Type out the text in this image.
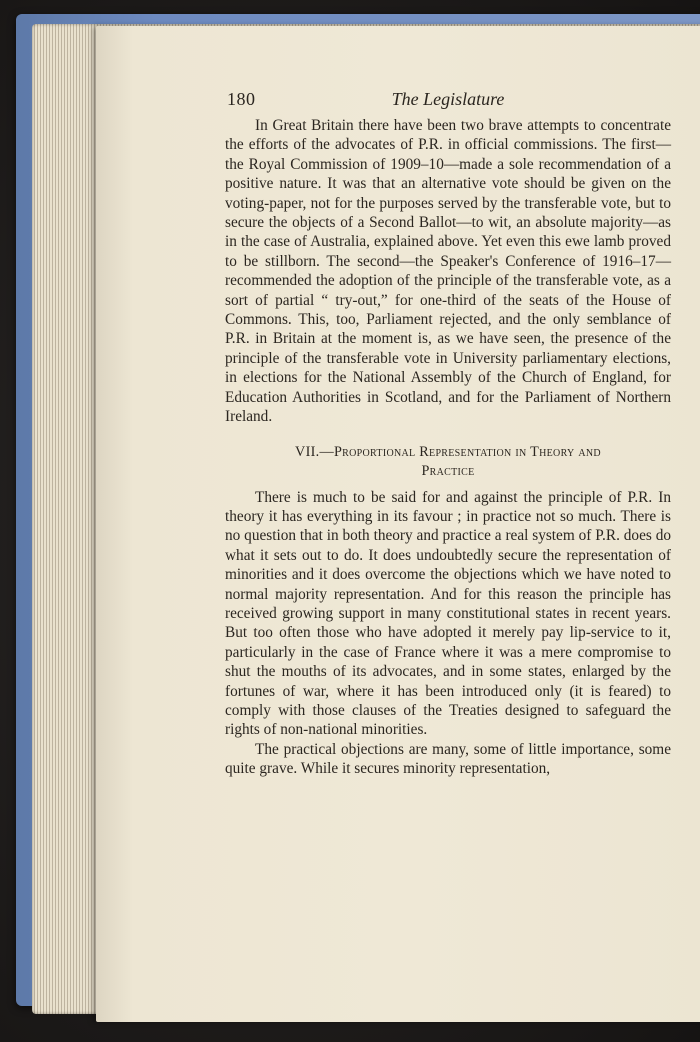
180	The Legislature

In Great Britain there have been two brave attempts to concentrate the efforts of the advocates of P.R. in official commissions. The first—the Royal Commission of 1909–10—made a sole recommendation of a positive nature. It was that an alternative vote should be given on the voting-paper, not for the purposes served by the transferable vote, but to secure the objects of a Second Ballot—to wit, an absolute majority—as in the case of Australia, explained above. Yet even this ewe lamb proved to be stillborn. The second—the Speaker's Conference of 1916–17—recommended the adoption of the principle of the transferable vote, as a sort of partial “ try-out,” for one-third of the seats of the House of Commons. This, too, Parliament rejected, and the only semblance of P.R. in Britain at the moment is, as we have seen, the presence of the principle of the transferable vote in University parliamentary elections, in elections for the National Assembly of the Church of England, for Education Authorities in Scotland, and for the Parliament of Northern Ireland.

VII.—Proportional Representation in Theory and
Practice

There is much to be said for and against the principle of P.R. In theory it has everything in its favour ; in practice not so much. There is no question that in both theory and practice a real system of P.R. does do what it sets out to do. It does undoubtedly secure the representation of minorities and it does overcome the objections which we have noted to normal majority representation. And for this reason the principle has received growing support in many constitutional states in recent years. But too often those who have adopted it merely pay lip-service to it, particularly in the case of France where it was a mere compromise to shut the mouths of its advocates, and in some states, enlarged by the fortunes of war, where it has been introduced only (it is feared) to comply with those clauses of the Treaties designed to safeguard the rights of non-national minorities.

The practical objections are many, some of little importance, some quite grave. While it secures minority representation,
